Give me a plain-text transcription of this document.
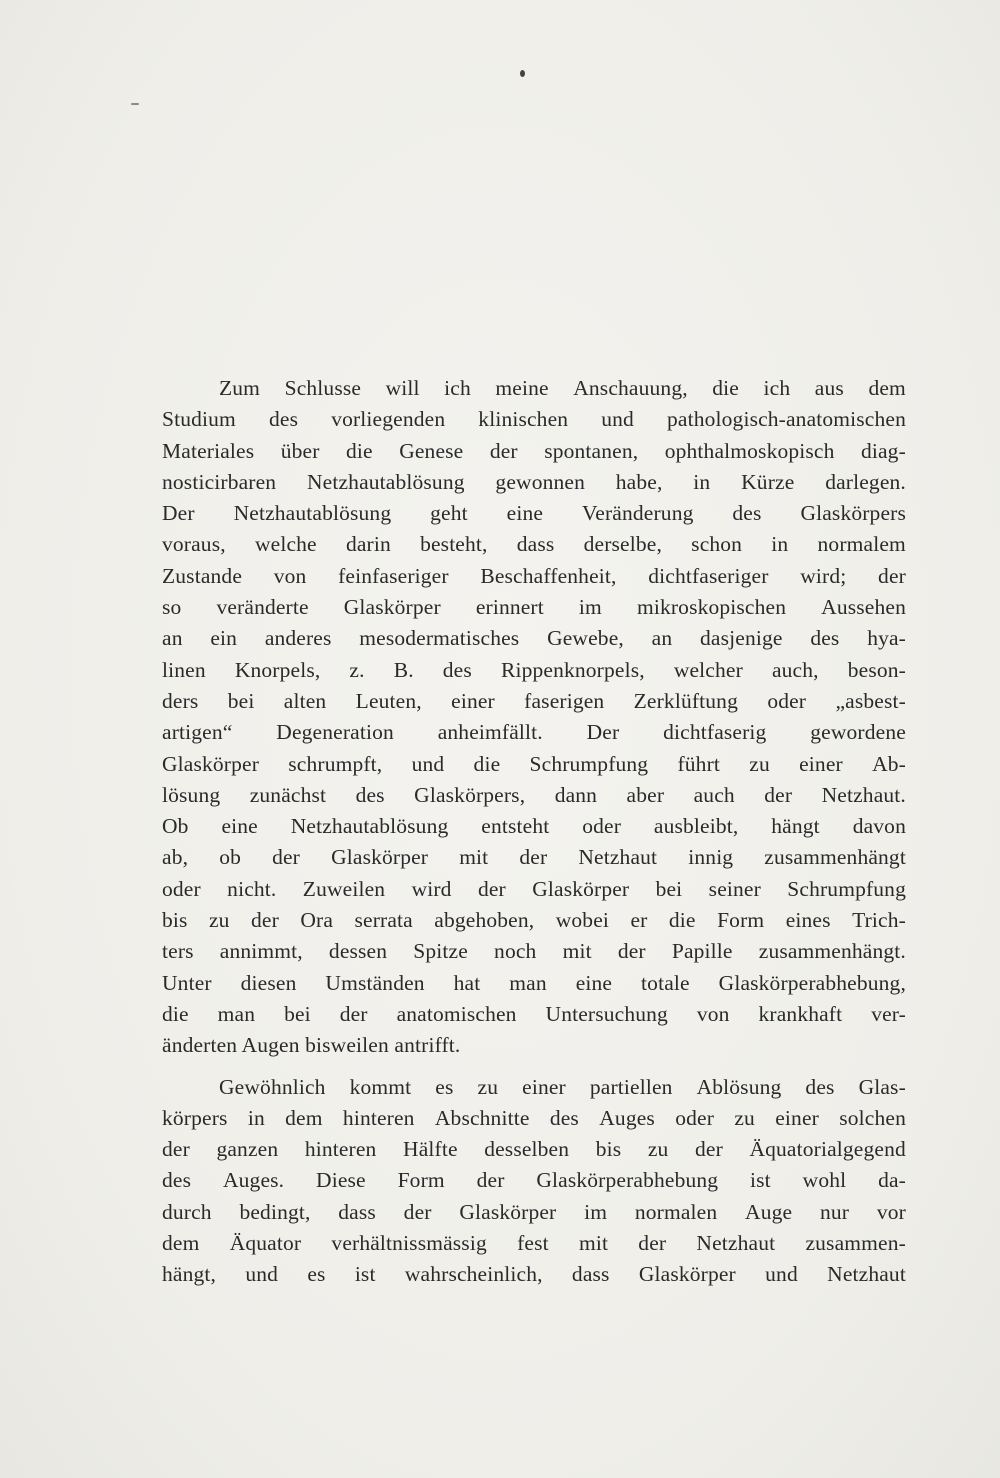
Zum Schlusse will ich meine Anschauung, die ich aus dem
Studium des vorliegenden klinischen und pathologisch-anatomischen
Materiales über die Genese der spontanen, ophthalmoskopisch diag-
nosticirbaren Netzhautablösung gewonnen habe, in Kürze darlegen.
Der Netzhautablösung geht eine Veränderung des Glaskörpers
voraus, welche darin besteht, dass derselbe, schon in normalem
Zustande von feinfaseriger Beschaffenheit, dichtfaseriger wird; der
so veränderte Glaskörper erinnert im mikroskopischen Aussehen
an ein anderes mesodermatisches Gewebe, an dasjenige des hya-
linen Knorpels, z. B. des Rippenknorpels, welcher auch, beson-
ders bei alten Leuten, einer faserigen Zerklüftung oder „asbest-
artigen“ Degeneration anheimfällt. Der dichtfaserig gewordene
Glaskörper schrumpft, und die Schrumpfung führt zu einer Ab-
lösung zunächst des Glaskörpers, dann aber auch der Netzhaut.
Ob eine Netzhautablösung entsteht oder ausbleibt, hängt davon
ab, ob der Glaskörper mit der Netzhaut innig zusammenhängt
oder nicht. Zuweilen wird der Glaskörper bei seiner Schrumpfung
bis zu der Ora serrata abgehoben, wobei er die Form eines Trich-
ters annimmt, dessen Spitze noch mit der Papille zusammenhängt.
Unter diesen Umständen hat man eine totale Glaskörperabhebung,
die man bei der anatomischen Untersuchung von krankhaft ver-
änderten Augen bisweilen antrifft.
Gewöhnlich kommt es zu einer partiellen Ablösung des Glas-
körpers in dem hinteren Abschnitte des Auges oder zu einer solchen
der ganzen hinteren Hälfte desselben bis zu der Äquatorialgegend
des Auges. Diese Form der Glaskörperabhebung ist wohl da-
durch bedingt, dass der Glaskörper im normalen Auge nur vor
dem Äquator verhältnissmässig fest mit der Netzhaut zusammen-
hängt, und es ist wahrscheinlich, dass Glaskörper und Netzhaut
